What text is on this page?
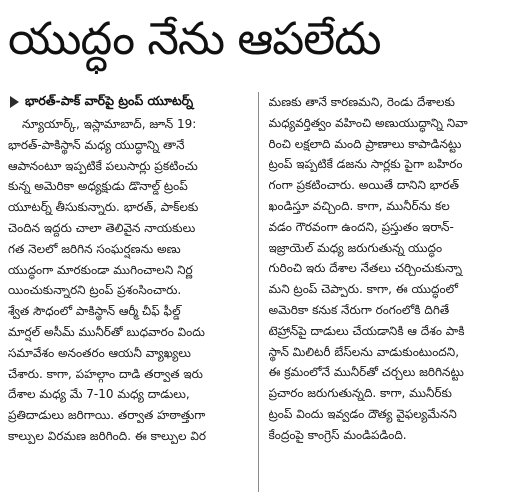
యుద్ధం నేను ఆపలేదు
భారత్‌-పాక్‌ వార్‌పై ట్రంప్‌ యూటర్న్‌
న్యూయార్క్‌, ఇస్లామాబాద్‌, జూన్‌ 19:
భారత్‌-పాకిస్థాన్‌ మధ్య యుద్ధాన్ని తానే
ఆపానంటూ ఇప్పటికే పలుసార్లు ప్రకటించు
కున్న అమెరికా అధ్యక్షుడు డొనాల్డ్‌ ట్రంప్‌
యూటర్న్‌ తీసుకున్నారు. భారత్‌, పాక్‌లకు
చెందిన ఇద్దరు చాలా తెలివైన నాయకులు
గత నెలలో జరిగిన సంఘర్షణను అణు
యుద్ధంగా మారకుండా ముగించాలని నిర్ణ
యించుకున్నారని ట్రంప్‌ ప్రశంసించారు.
శ్వేత సౌధంలో పాకిస్థాన్‌ ఆర్మీ చీఫ్‌ ఫీల్డ్‌
మార్షల్‌ అసీమ్‌ మునీర్‌తో బుధవారం విందు
సమావేశం అనంతరం ఆయనీ వ్యాఖ్యలు
చేశారు. కాగా, పహల్గాం దాడి తర్వాత ఇరు
దేశాల మధ్య మే 7-10 మధ్య దాడులు,
ప్రతిదాడులు జరిగాయి. తర్వాత హఠాత్తుగా
కాల్పుల విరమణ జరిగింది. ఈ కాల్పుల విర
మణకు తానే కారణమని, రెండు దేశాలకు
మధ్యవర్తిత్వం వహించి అణుయుద్ధాన్ని నివా
రించి లక్షలాది మంది ప్రాణాలు కాపాడినట్టు
ట్రంప్‌ ఇప్పటికే డజను సార్లకు పైగా బహిరం
గంగా ప్రకటించారు. అయితే దానిని భారత్‌
ఖండిస్తూ వచ్చింది. కాగా, మునీర్‌ను కల
వడం గౌరవంగా ఉందని, ప్రస్తుతం ఇరాన్‌-
ఇజ్రాయెల్‌ మధ్య జరుగుతున్న యుద్ధం
గురించి ఇరు దేశాల నేతలు చర్చించుకున్నా
మని ట్రంప్‌ చెప్పారు. కాగా, ఈ యుద్ధంలో
అమెరికా కనుక నేరుగా రంగంలోకి దిగితే
టెహ్రాన్‌పై దాడులు చేయడానికి ఆ దేశం పాకి
స్థాన్‌ మిలిటరీ బేస్‌లను వాడుకుంటుందని,
ఈ క్రమంలోనే మునీర్‌తో చర్చలు జరిగినట్టు
ప్రచారం జరుగుతున్నది. కాగా, మునీర్‌కు
ట్రంప్‌ విందు ఇవ్వడం దౌత్య వైఫల్యమేనని
కేంద్రంపై కాంగ్రెస్‌ మండిపడింది.
